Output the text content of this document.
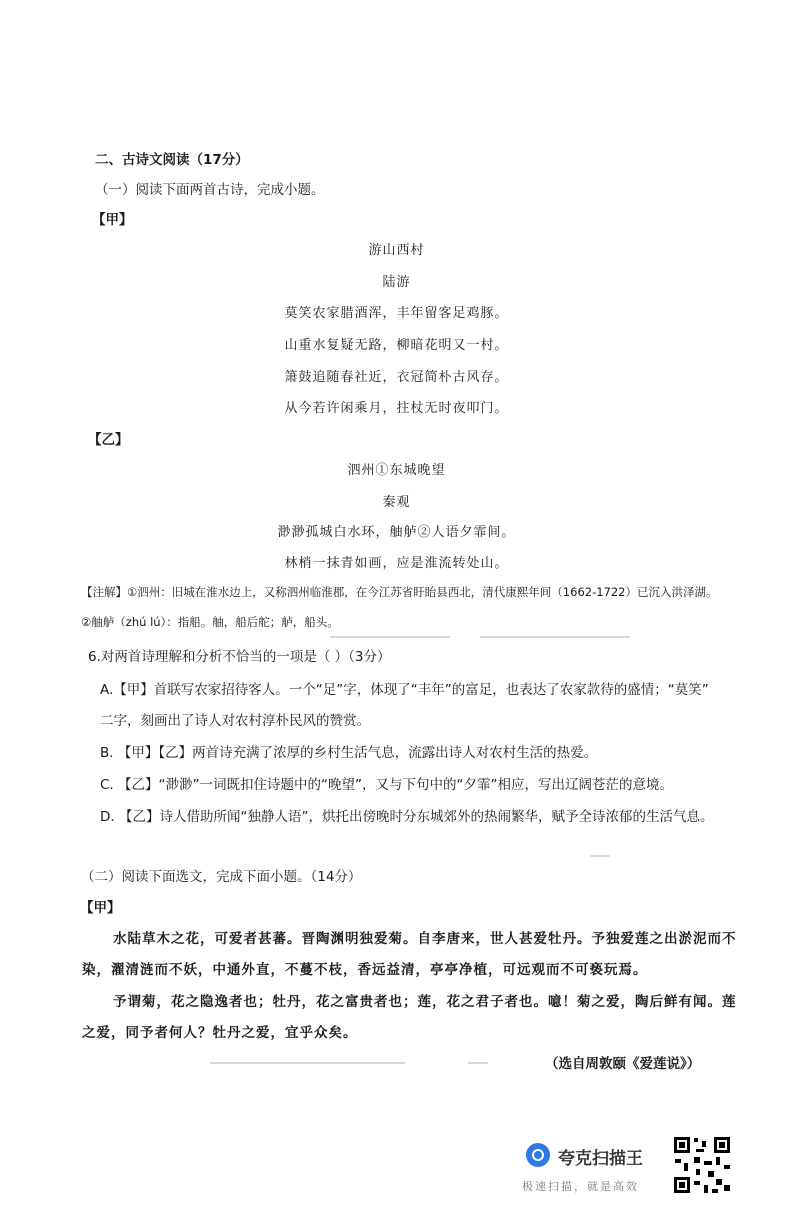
二、古诗文阅读（17分）
（一）阅读下面两首古诗，完成小题。
【甲】
游山西村
陆游
莫笑农家腊酒浑，丰年留客足鸡豚。
山重水复疑无路，柳暗花明又一村。
箫鼓追随春社近，衣冠简朴古风存。
从今若许闲乘月，拄杖无时夜叩门。
【乙】
泗州①东城晚望
秦观
渺渺孤城白水环，舳舻②人语夕霏间。
林梢一抹青如画，应是淮流转处山。
【注解】①泗州：旧城在淮水边上，又称泗州临淮郡，在今江苏省盱眙县西北，清代康熙年间（1662-1722）已沉入洪泽湖。
②舳舻（zhú lú）：指船。舳，船后舵；舻，船头。
6.对两首诗理解和分析不恰当的一项是（ ）（3分）
A.【甲】首联写农家招待客人。一个“足”字，体现了“丰年”的富足，也表达了农家款待的盛情；“莫笑”
二字，刻画出了诗人对农村淳朴民风的赞赏。
B. 【甲】【乙】两首诗充满了浓厚的乡村生活气息，流露出诗人对农村生活的热爱。
C. 【乙】“渺渺”一词既扣住诗题中的“晚望”，又与下句中的“夕霏”相应，写出辽阔苍茫的意境。
D. 【乙】诗人借助所闻“独静人语”，烘托出傍晚时分东城郊外的热闹繁华，赋予全诗浓郁的生活气息。
（二）阅读下面选文，完成下面小题。（14分）
【甲】
水陆草木之花，可爱者甚蕃。晋陶渊明独爱菊。自李唐来，世人甚爱牡丹。予独爱莲之出淤泥而不
染，濯清涟而不妖，中通外直，不蔓不枝，香远益清，亭亭净植，可远观而不可亵玩焉。
予谓菊，花之隐逸者也；牡丹，花之富贵者也；莲，花之君子者也。噫！菊之爱，陶后鲜有闻。莲
之爱，同予者何人？牡丹之爱，宜乎众矣。
（选自周敦颐《爱莲说》）
夸克扫描王
极速扫描，就是高效
